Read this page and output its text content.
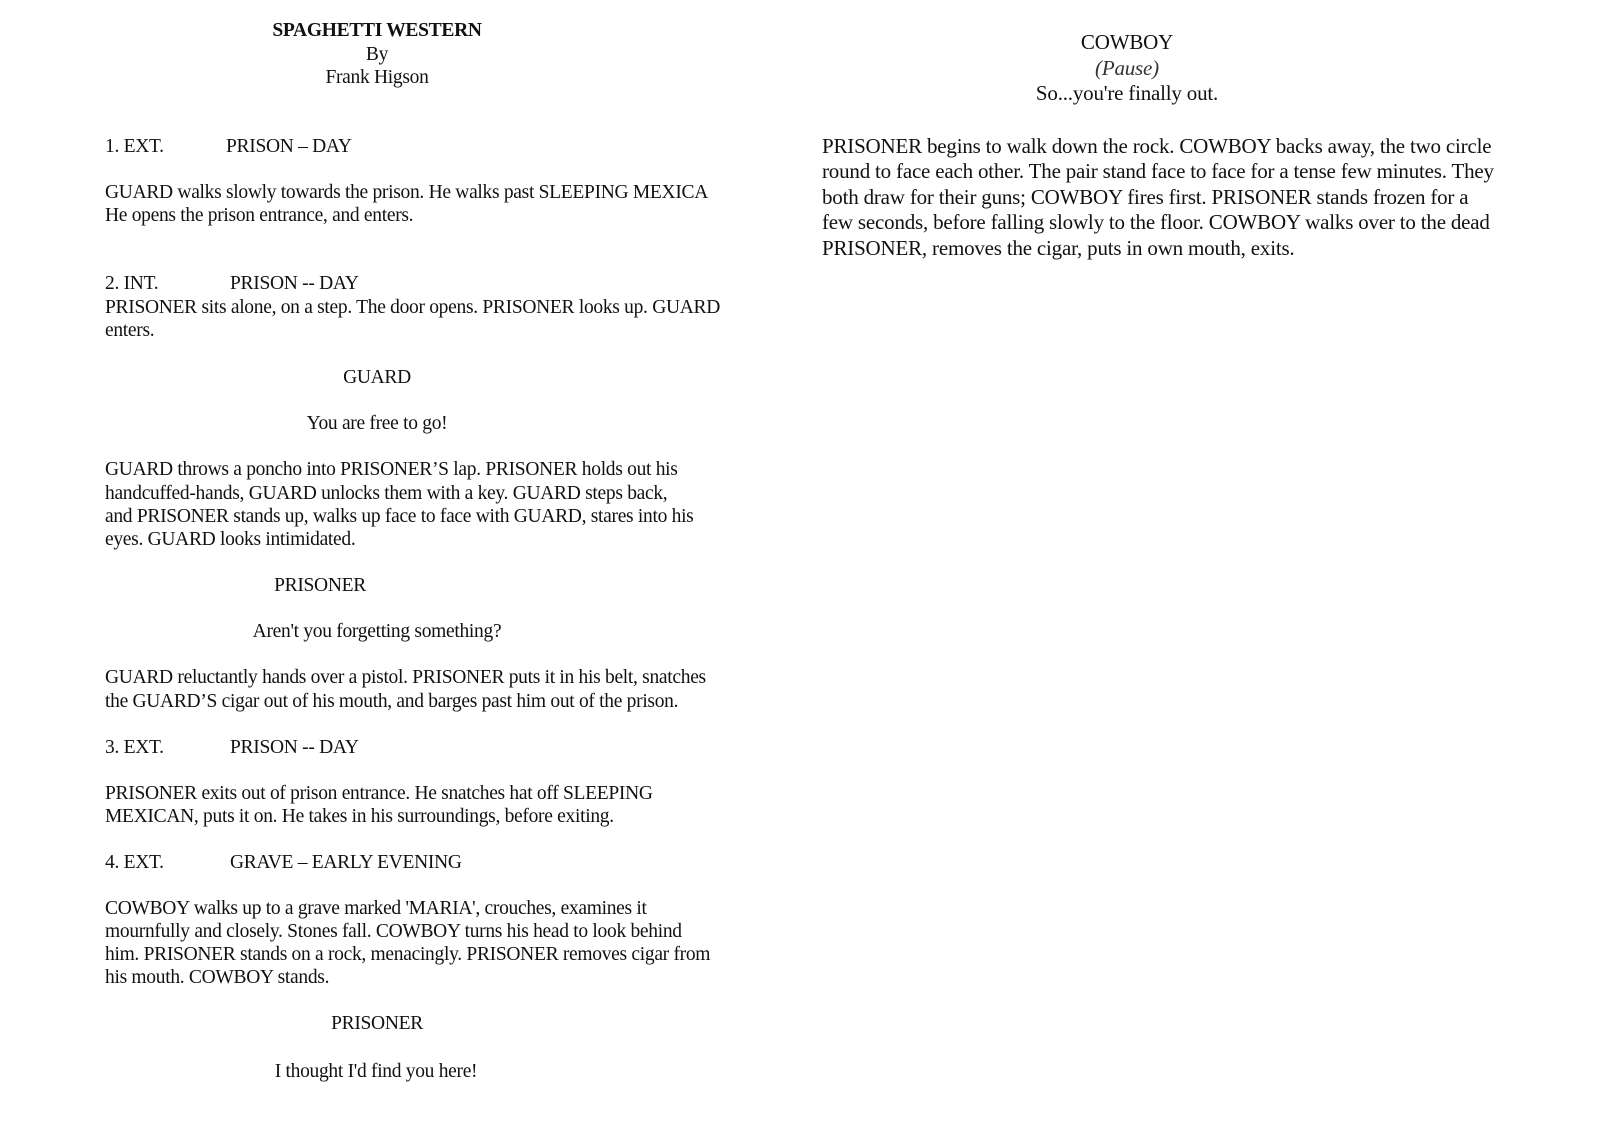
SPAGHETTI WESTERN
By
Frank Higson
1. EXT.	PRISON – DAY
GUARD walks slowly towards the prison. He walks past SLEEPING MEXICA
He opens the prison entrance, and enters.
2. INT.	PRISON -- DAY
PRISONER sits alone, on a step. The door opens. PRISONER looks up. GUARD
enters.
GUARD
You are free to go!
GUARD throws a poncho into PRISONER’S lap. PRISONER holds out his
handcuffed-hands, GUARD unlocks them with a key. GUARD steps back,
and PRISONER stands up, walks up face to face with GUARD, stares into his
eyes. GUARD looks intimidated.
PRISONER
Aren't you forgetting something?
GUARD reluctantly hands over a pistol. PRISONER puts it in his belt, snatches
the GUARD’S cigar out of his mouth, and barges past him out of the prison.
3. EXT.	PRISON -- DAY
PRISONER exits out of prison entrance. He snatches hat off SLEEPING
MEXICAN, puts it on. He takes in his surroundings, before exiting.
4. EXT.	GRAVE – EARLY EVENING
COWBOY walks up to a grave marked 'MARIA', crouches, examines it
mournfully and closely. Stones fall. COWBOY turns his head to look behind
him. PRISONER stands on a rock, menacingly. PRISONER removes cigar from
his mouth. COWBOY stands.
PRISONER
I thought I'd find you here!
COWBOY
(Pause)
So...you're finally out.
PRISONER begins to walk down the rock. COWBOY backs away, the two circle
round to face each other. The pair stand face to face for a tense few minutes. They
both draw for their guns; COWBOY fires first. PRISONER stands frozen for a
few seconds, before falling slowly to the floor. COWBOY walks over to the dead
PRISONER, removes the cigar, puts in own mouth, exits.
